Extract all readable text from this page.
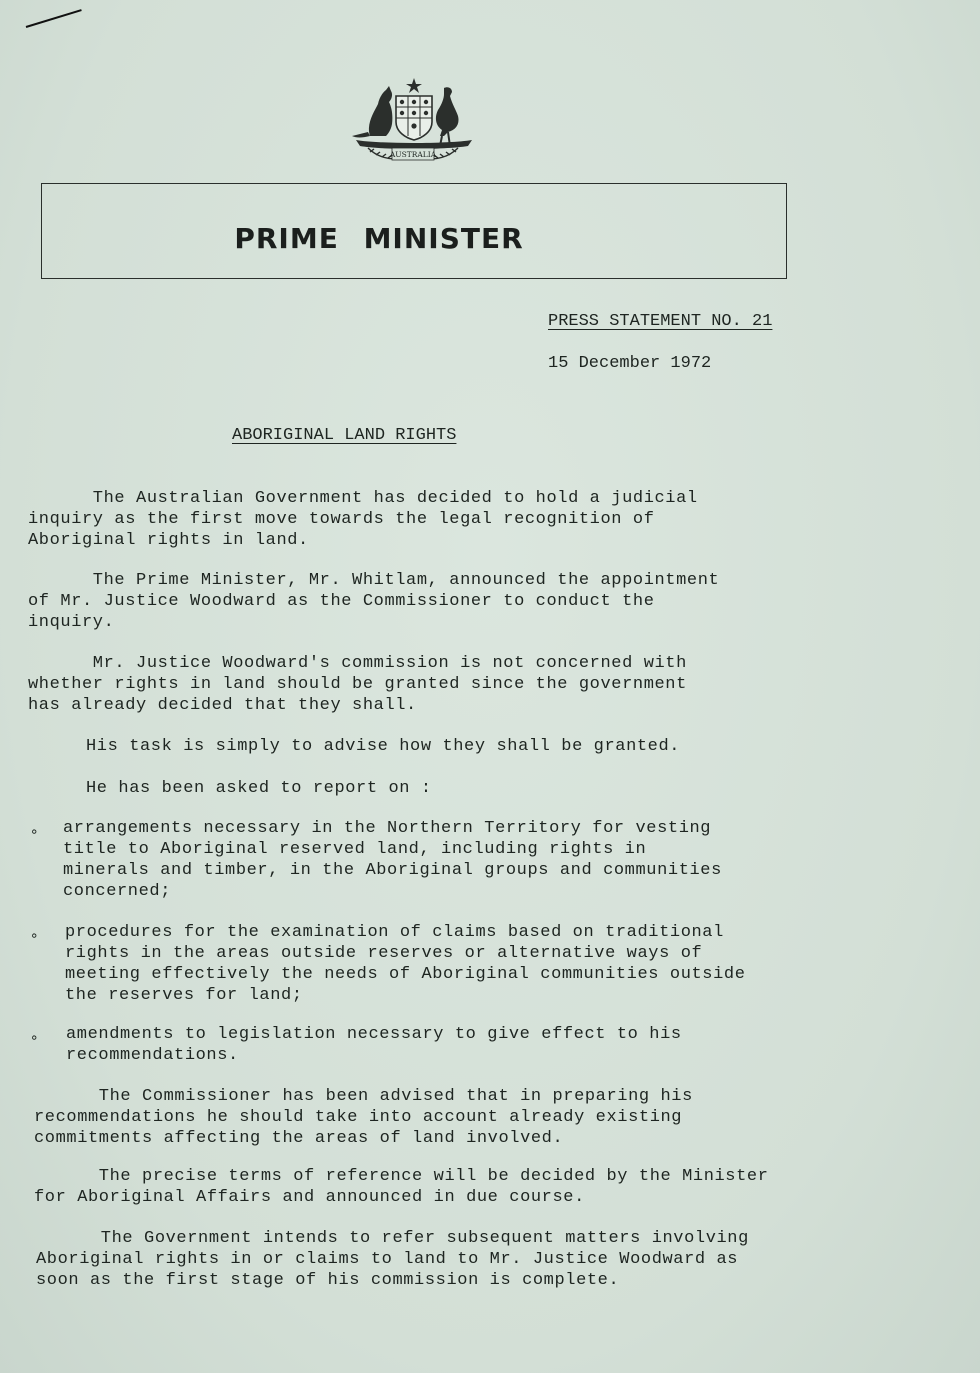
AUSTRALIA
PRIME MINISTER
PRESS STATEMENT NO. 21
15 December 1972
ABORIGINAL LAND RIGHTS

The Australian Government has decided to hold a judicial
inquiry as the first move towards the legal recognition of
Aboriginal rights in land.

The Prime Minister, Mr. Whitlam, announced the appointment
of Mr. Justice Woodward as the Commissioner to conduct the
inquiry.

Mr. Justice Woodward's commission is not concerned with
whether rights in land should be granted since the government
has already decided that they shall.

His task is simply to advise how they shall be granted.

He has been asked to report on :

∘ arrangements necessary in the Northern Territory for vesting
title to Aboriginal reserved land, including rights in
minerals and timber, in the Aboriginal groups and communities
concerned;

∘ procedures for the examination of claims based on traditional
rights in the areas outside reserves or alternative ways of
meeting effectively the needs of Aboriginal communities outside
the reserves for land;

∘ amendments to legislation necessary to give effect to his
recommendations.

The Commissioner has been advised that in preparing his
recommendations he should take into account already existing
commitments affecting the areas of land involved.

The precise terms of reference will be decided by the Minister
for Aboriginal Affairs and announced in due course.

The Government intends to refer subsequent matters involving
Aboriginal rights in or claims to land to Mr. Justice Woodward as
soon as the first stage of his commission is complete.
